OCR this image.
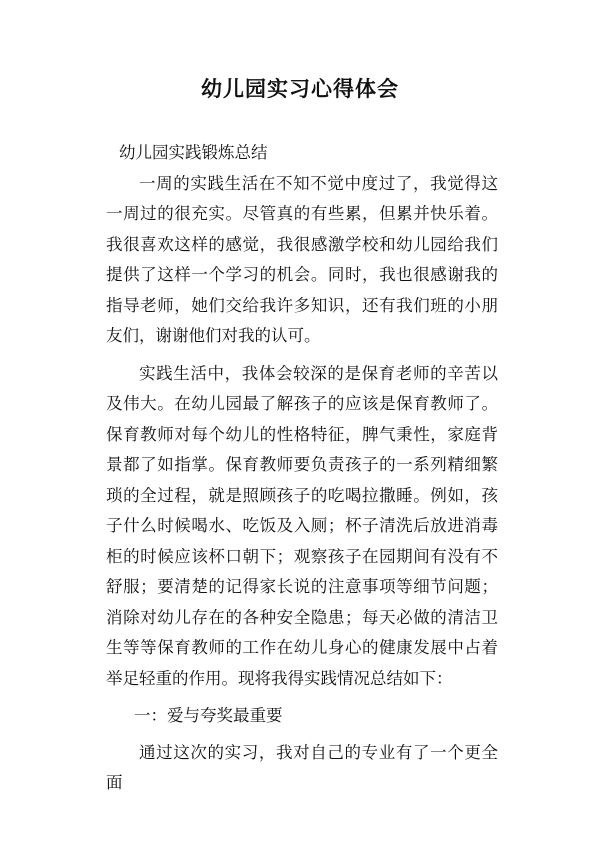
幼儿园实习心得体会

幼儿园实践锻炼总结

一周的实践生活在不知不觉中度过了，我觉得这一周过的很充实。尽管真的有些累，但累并快乐着。我很喜欢这样的感觉，我很感激学校和幼儿园给我们提供了这样一个学习的机会。同时，我也很感谢我的指导老师，她们交给我许多知识，还有我们班的小朋友们，谢谢他们对我的认可。

实践生活中，我体会较深的是保育老师的辛苦以及伟大。在幼儿园最了解孩子的应该是保育教师了。保育教师对每个幼儿的性格特征，脾气秉性，家庭背景都了如指掌。保育教师要负责孩子的一系列精细繁琐的全过程，就是照顾孩子的吃喝拉撒睡。例如，孩子什么时候喝水、吃饭及入厕；杯子清洗后放进消毒柜的时候应该杯口朝下；观察孩子在园期间有没有不舒服；要清楚的记得家长说的注意事项等细节问题；消除对幼儿存在的各种安全隐患；每天必做的清洁卫生等等保育教师的工作在幼儿身心的健康发展中占着举足轻重的作用。现将我得实践情况总结如下：

一：爱与夸奖最重要

通过这次的实习，我对自己的专业有了一个更全面
